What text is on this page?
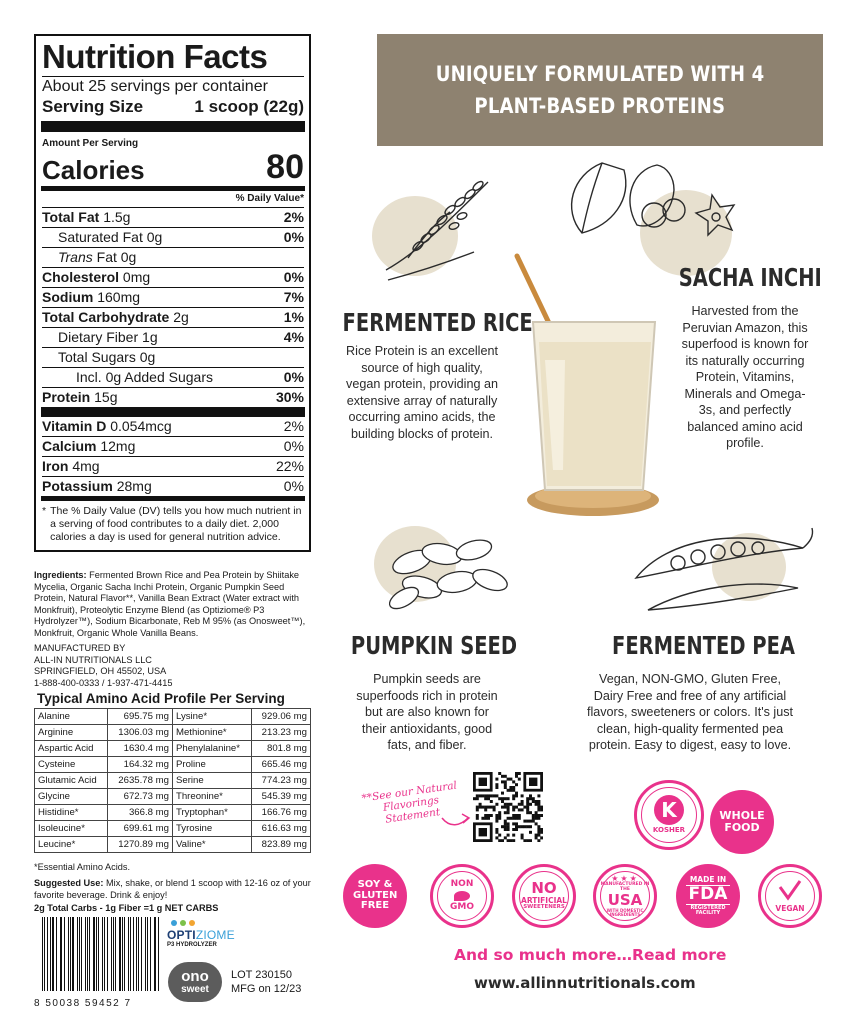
Nutrition Facts
About 25 servings per container
Serving Size	1 scoop (22g)
Amount Per Serving
Calories	80
% Daily Value*
Total Fat 1.5g	2%
Saturated Fat 0g	0%
Trans Fat 0g
Cholesterol 0mg	0%
Sodium 160mg	7%
Total Carbohydrate 2g	1%
Dietary Fiber 1g	4%
Total Sugars 0g
Incl. 0g Added Sugars	0%
Protein 15g	30%
Vitamin D 0.054mcg	2%
Calcium 12mg	0%
Iron 4mg	22%
Potassium 28mg	0%
* The % Daily Value (DV) tells you how much nutrient in a serving of food contributes to a daily diet. 2,000 calories a day is used for general nutrition advice.
Ingredients: Fermented Brown Rice and Pea Protein by Shiitake Mycelia, Organic Sacha Inchi Protein, Organic Pumpkin Seed Protein, Natural Flavor**, Vanilla Bean Extract (Water extract with Monkfruit), Proteolytic Enzyme Blend (as Optiziome® P3 Hydrolyzer™), Sodium Bicarbonate, Reb M 95% (as Onosweet™), Monkfruit, Organic Whole Vanilla Beans.
MANUFACTURED BY
ALL-IN NUTRITIONALS LLC
SPRINGFIELD, OH 45502, USA
1-888-400-0333 / 1-937-471-4415
Typical Amino Acid Profile Per Serving
Alanine	695.75 mg	Lysine*	929.06 mg
Arginine	1306.03 mg	Methionine*	213.23 mg
Aspartic Acid	1630.4 mg	Phenylalanine*	801.8 mg
Cysteine	164.32 mg	Proline	665.46 mg
Glutamic Acid	2635.78 mg	Serine	774.23 mg
Glycine	672.73 mg	Threonine*	545.39 mg
Histidine*	366.8 mg	Tryptophan*	166.76 mg
Isoleucine*	699.61 mg	Tyrosine	616.63 mg
Leucine*	1270.89 mg	Valine*	823.89 mg
*Essential Amino Acids.
Suggested Use: Mix, shake, or blend 1 scoop with 12-16 oz of your favorite beverage. Drink & enjoy!
2g Total Carbs - 1g Fiber =1 g NET CARBS
8 50038 59452 7
OPTIZIOME
P3 HYDROLYZER
ono
sweet
LOT 230150
MFG on 12/23
UNIQUELY FORMULATED WITH 4
PLANT-BASED PROTEINS
FERMENTED RICE
Rice Protein is an excellent source of high quality, vegan protein, providing an extensive array of naturally occurring amino acids, the building blocks of protein.
SACHA INCHI
Harvested from the Peruvian Amazon, this superfood is known for its naturally occurring Protein, Vitamins, Minerals and Omega-3s, and perfectly balanced amino acid profile.
PUMPKIN SEED
Pumpkin seeds are superfoods rich in protein but are also known for their antioxidants, good fats, and fiber.
FERMENTED PEA
Vegan, NON-GMO, Gluten Free, Dairy Free and free of any artificial flavors, sweeteners or colors. It's just clean, high-quality fermented pea protein. Easy to digest, easy to love.
**See our Natural Flavorings Statement	K
KOSHER
WHOLE FOOD
SOY & GLUTEN FREE
NON
GMO
NO
ARTIFICIAL
SWEETENERS
★★★
MANUFACTURED IN THE
USA
WITH DOMESTIC INGREDIENTS
MADE IN
FDA
REGISTERED FACILITY	VEGAN
And so much more…Read more
www.allinnutritionals.com
